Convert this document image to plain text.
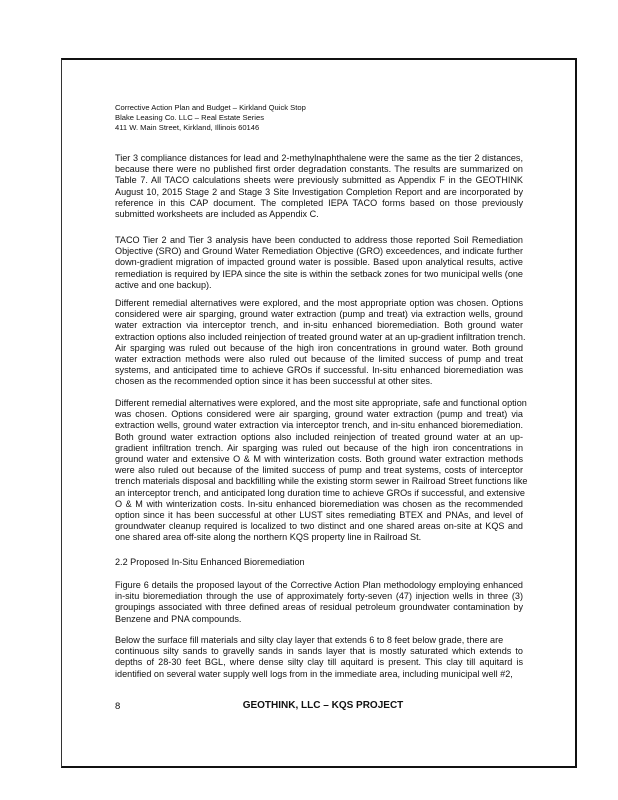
Corrective Action Plan and Budget – Kirkland Quick Stop
Blake Leasing Co. LLC – Real Estate Series
411 W. Main Street, Kirkland, Illinois 60146
Tier 3 compliance distances for lead and 2-methylnaphthalene were the same as the tier 2 distances,
because there were no published first order degradation constants. The results are summarized on
Table 7. All TACO calculations sheets were previously submitted as Appendix F in the GEOTHINK
August 10, 2015 Stage 2 and Stage 3 Site Investigation Completion Report and are incorporated by
reference in this CAP document. The completed IEPA TACO forms based on those previously
submitted worksheets are included as Appendix C.
TACO Tier 2 and Tier 3 analysis have been conducted to address those reported Soil Remediation
Objective (SRO) and Ground Water Remediation Objective (GRO) exceedences, and indicate further
down-gradient migration of impacted ground water is possible. Based upon analytical results, active
remediation is required by IEPA since the site is within the setback zones for two municipal wells (one
active and one backup).
Different remedial alternatives were explored, and the most appropriate option was chosen. Options
considered were air sparging, ground water extraction (pump and treat) via extraction wells, ground
water extraction via interceptor trench, and in-situ enhanced bioremediation. Both ground water
extraction options also included reinjection of treated ground water at an up-gradient infiltration trench.
Air sparging was ruled out because of the high iron concentrations in ground water. Both ground
water extraction methods were also ruled out because of the limited success of pump and treat
systems, and anticipated time to achieve GROs if successful. In-situ enhanced bioremediation was
chosen as the recommended option since it has been successful at other sites.
Different remedial alternatives were explored, and the most site appropriate, safe and functional option
was chosen. Options considered were air sparging, ground water extraction (pump and treat) via
extraction wells, ground water extraction via interceptor trench, and in-situ enhanced bioremediation.
Both ground water extraction options also included reinjection of treated ground water at an up-
gradient infiltration trench. Air sparging was ruled out because of the high iron concentrations in
ground water and extensive O & M with winterization costs. Both ground water extraction methods
were also ruled out because of the limited success of pump and treat systems, costs of interceptor
trench materials disposal and backfilling while the existing storm sewer in Railroad Street functions like
an interceptor trench, and anticipated long duration time to achieve GROs if successful, and extensive
O & M with winterization costs. In-situ enhanced bioremediation was chosen as the recommended
option since it has been successful at other LUST sites remediating BTEX and PNAs, and level of
groundwater cleanup required is localized to two distinct and one shared areas on-site at KQS and
one shared area off-site along the northern KQS property line in Railroad St.
2.2 Proposed In-Situ Enhanced Bioremediation
Figure 6 details the proposed layout of the Corrective Action Plan methodology employing enhanced
in-situ bioremediation through the use of approximately forty-seven (47) injection wells in three (3)
groupings associated with three defined areas of residual petroleum groundwater contamination by
Benzene and PNA compounds.
Below the surface fill materials and silty clay layer that extends 6 to 8 feet below grade, there are
continuous silty sands to gravelly sands in sands layer that is mostly saturated which extends to
depths of 28-30 feet BGL, where dense silty clay till aquitard is present. This clay till aquitard is
identified on several water supply well logs from in the immediate area, including municipal well #2,
8	GEOTHINK, LLC – KQS PROJECT
